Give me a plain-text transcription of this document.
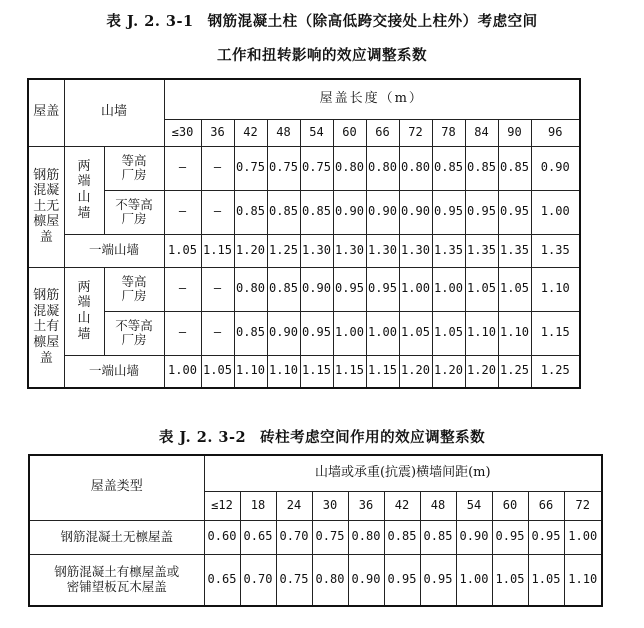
表 J. 2. 3-1 钢筋混凝土柱（除高低跨交接处上柱外）考虑空间
工作和扭转影响的效应调整系数
屋盖	山墙		屋盖长度（m）											
			≤30	36	42	48	54	60	66	72	78	84	90	96

钢筋
混凝
土无
檩屋
盖	两
端
山
墙	等高
厂房	—	—	0.75	0.75	0.75	0.80	0.80	0.80	0.85	0.85	0.85	0.90

		不等高
厂房	—	—	0.85	0.85	0.85	0.90	0.90	0.90	0.95	0.95	0.95	1.00
	一端山墙		1.05	1.15	1.20	1.25	1.30	1.30	1.30	1.30	1.35	1.35	1.35	1.35

钢筋
混凝
土有
檩屋
盖	两
端
山
墙	等高
厂房	—	—	0.80	0.85	0.90	0.95	0.95	1.00	1.00	1.05	1.05	1.10

		不等高
厂房	—	—	0.85	0.90	0.95	1.00	1.00	1.05	1.05	1.10	1.10	1.15
	一端山墙		1.00	1.05	1.10	1.10	1.15	1.15	1.15	1.20	1.20	1.20	1.25	1.25
表 J. 2. 3-2 砖柱考虑空间作用的效应调整系数
屋盖类型	山墙或承重(抗震)横墙间距(m)										
	≤12	18	24	30	36	42	48	54	60	66	72

钢筋混凝土无檩屋盖	0.60	0.65	0.70	0.75	0.80	0.85	0.85	0.90	0.95	0.95	1.00

钢筋混凝土有檩屋盖或
密铺望板瓦木屋盖	0.65	0.70	0.75	0.80	0.90	0.95	0.95	1.00	1.05	1.05	1.10
